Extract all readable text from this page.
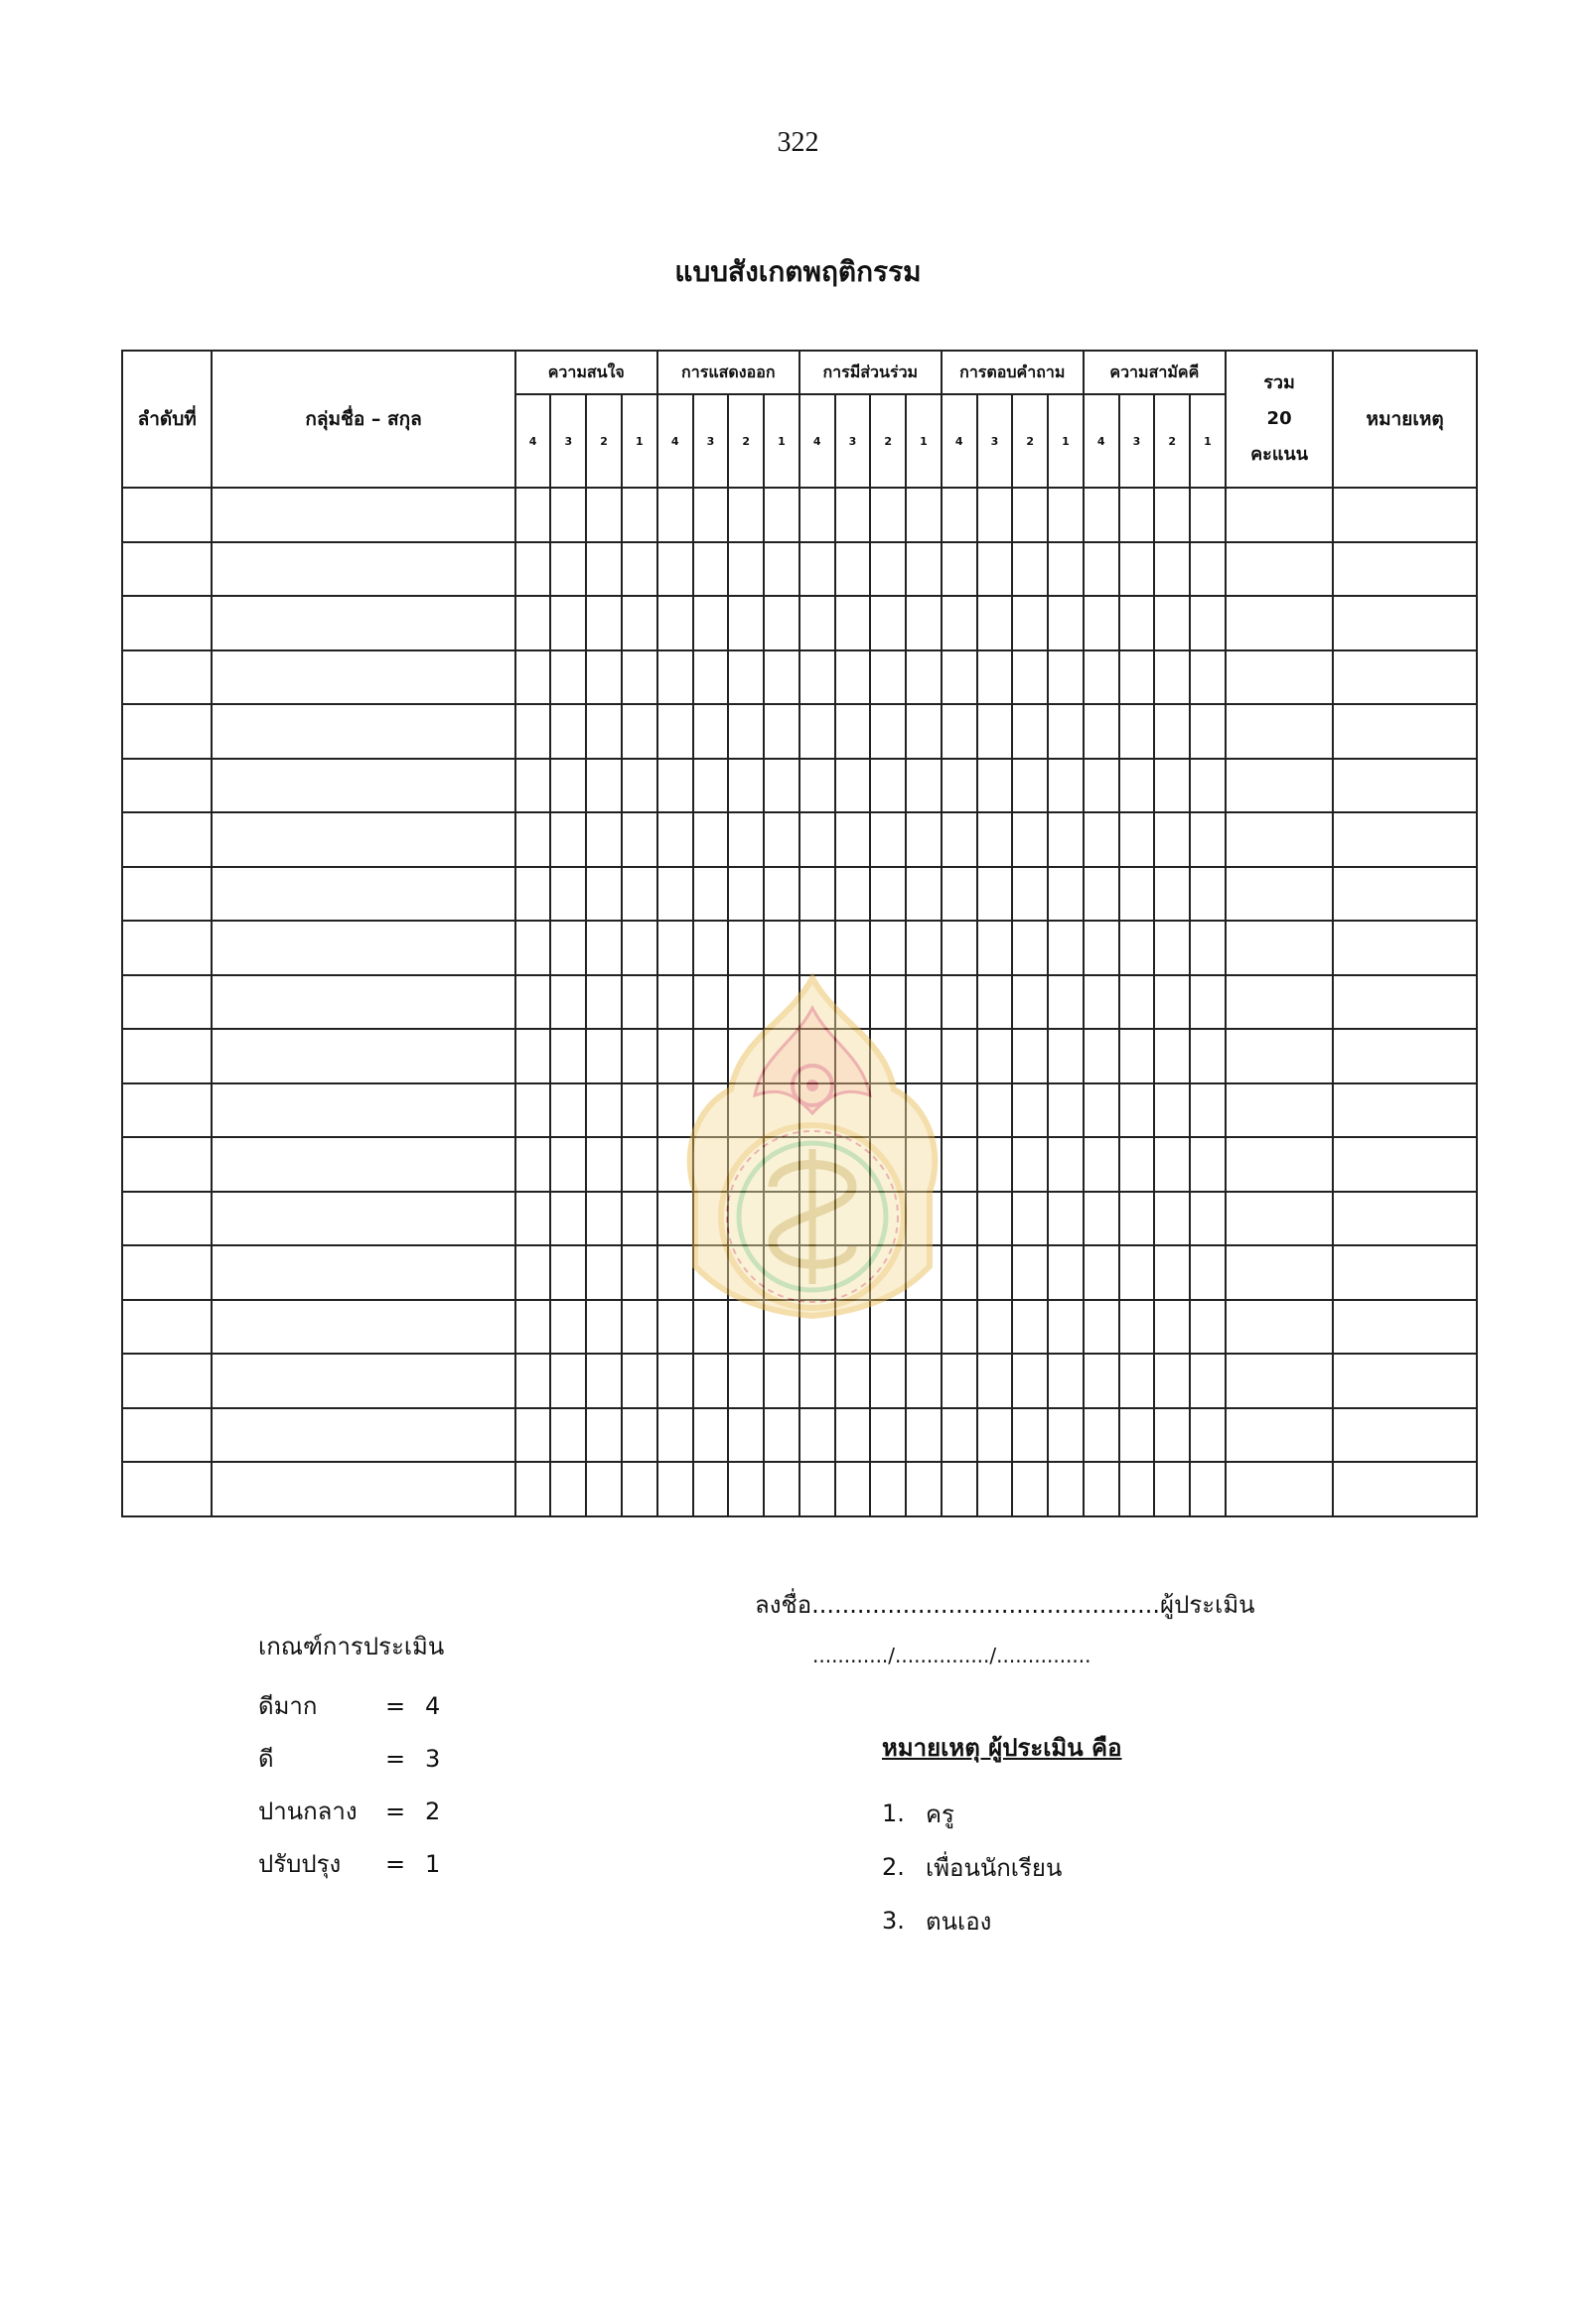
322
แบบสังเกตพฤติกรรม
ลำดับที่	กลุ่มชื่อ – สกุล	ความสนใจ				การแสดงออก				การมีส่วนร่วม				การตอบคำถาม				ความสามัคคี				รวม
20
คะแนน	หมายเหตุ
		4	3	2	1	4	3	2	1	4	3	2	1	4	3	2	1	4	3	2	1		

เกณฑ์การประเมิน
ดีมาก	= 4
ดี	= 3
ปานกลาง	= 2
ปรับปรุง	= 1
ลงชื่อ..............................................ผู้ประเมิน
............/.............../...............
หมายเหตุ ผู้ประเมิน คือ
1. ครู
2. เพื่อนนักเรียน
3. ตนเอง
